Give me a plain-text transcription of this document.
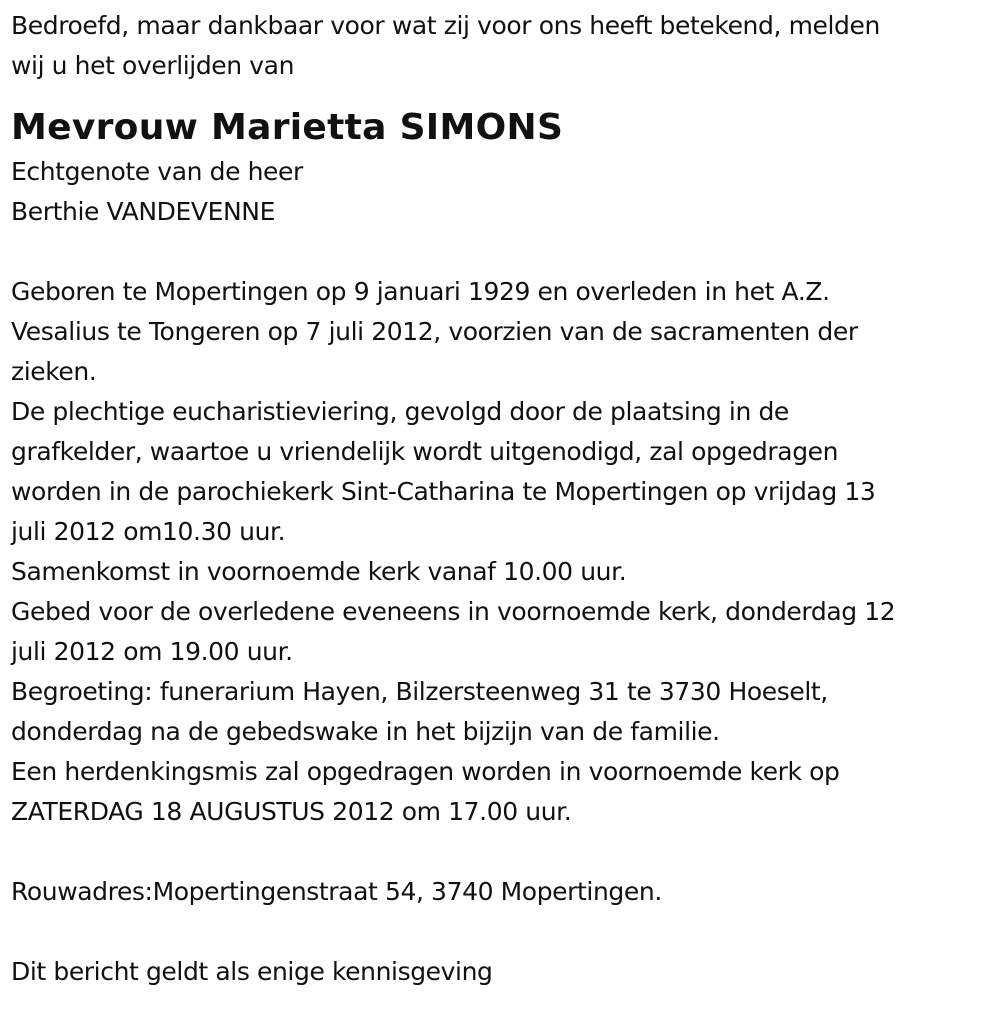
Bedroefd, maar dankbaar voor wat zij voor ons heeft betekend, melden

wij u het overlijden van

Mevrouw Marietta SIMONS

Echtgenote van de heer

Berthie VANDEVENNE

Geboren te Mopertingen op 9 januari 1929 en overleden in het A.Z.

Vesalius te Tongeren op 7 juli 2012, voorzien van de sacramenten der

zieken.

De plechtige eucharistieviering, gevolgd door de plaatsing in de

grafkelder, waartoe u vriendelijk wordt uitgenodigd, zal opgedragen

worden in de parochiekerk Sint-Catharina te Mopertingen op vrijdag 13

juli 2012 om10.30 uur.

Samenkomst in voornoemde kerk vanaf 10.00 uur.

Gebed voor de overledene eveneens in voornoemde kerk, donderdag 12

juli 2012 om 19.00 uur.

Begroeting: funerarium Hayen, Bilzersteenweg 31 te 3730 Hoeselt,

donderdag na de gebedswake in het bijzijn van de familie.

Een herdenkingsmis zal opgedragen worden in voornoemde kerk op

ZATERDAG 18 AUGUSTUS 2012 om 17.00 uur.

Rouwadres:Mopertingenstraat 54, 3740 Mopertingen.

Dit bericht geldt als enige kennisgeving
